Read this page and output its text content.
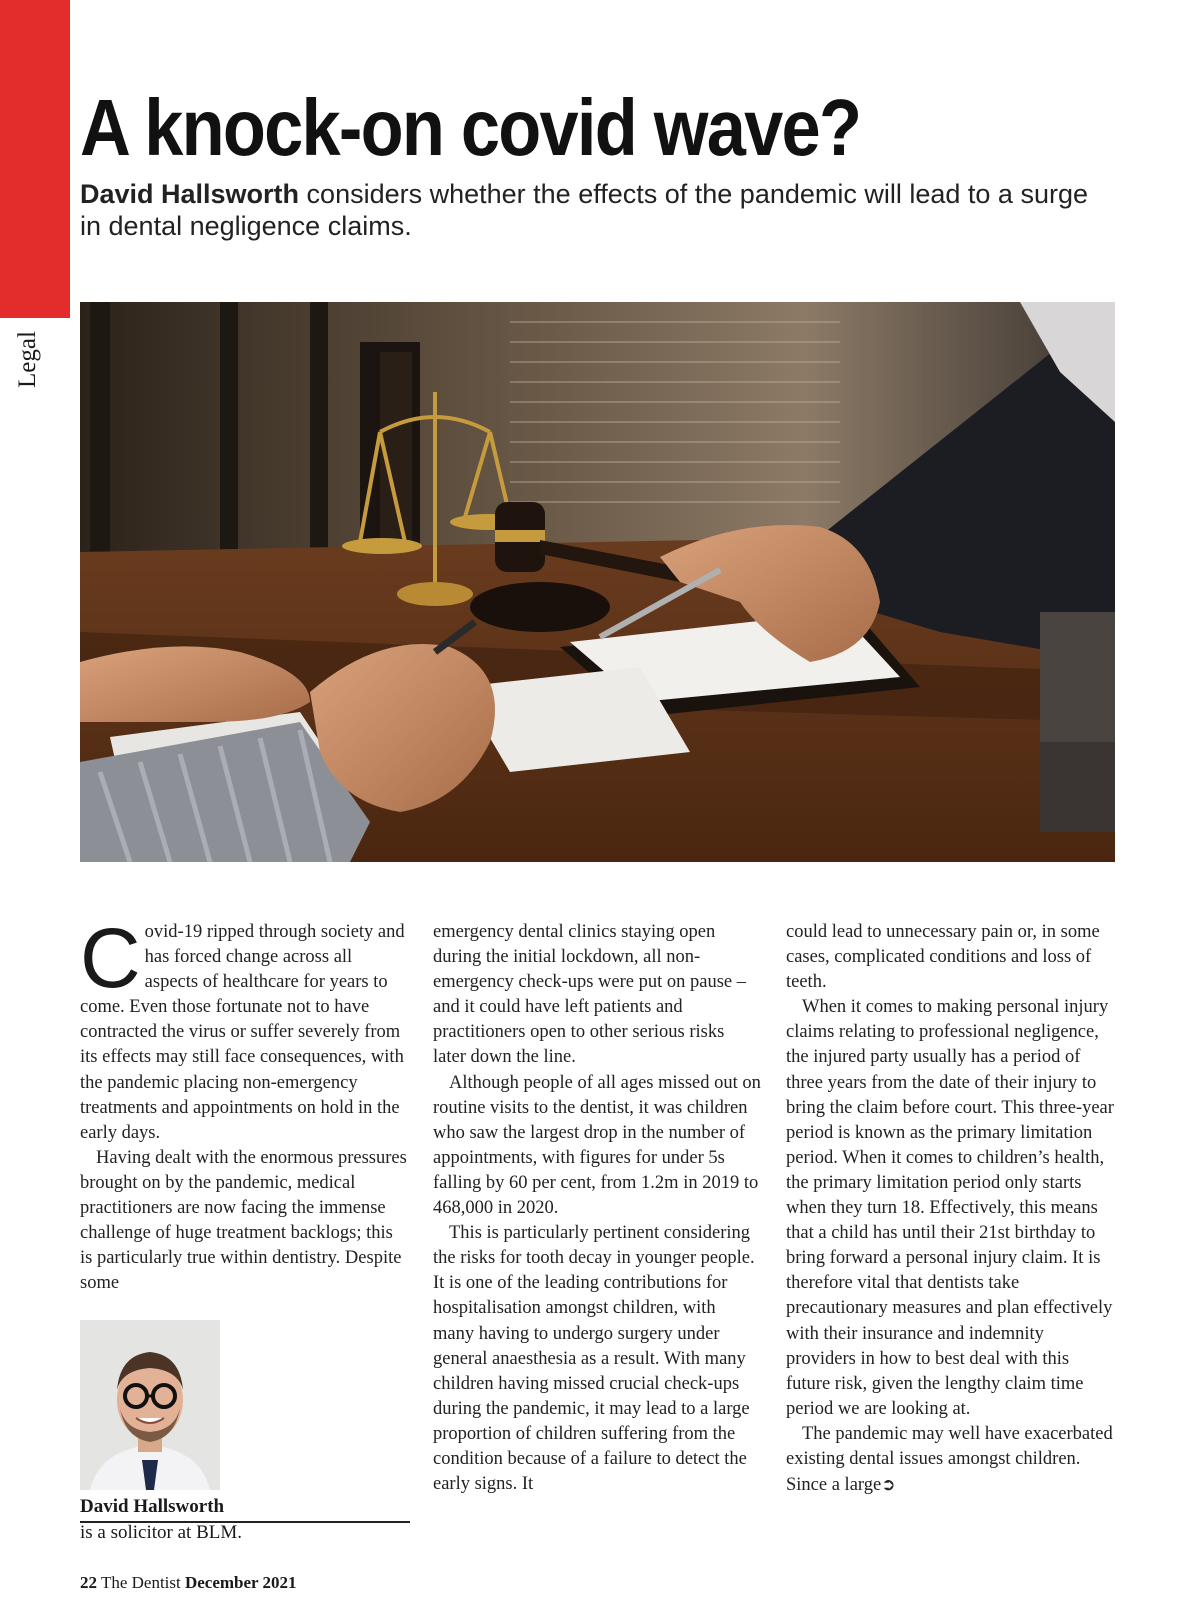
Legal
A knock-on covid wave?

David Hallsworth considers whether the effects of the pandemic will lead to a surge in dental negligence claims.

Covid-19 ripped through society and has forced change across all aspects of healthcare for years to come. Even those fortunate not to have contracted the virus or suffer severely from its effects may still face consequences, with the pandemic placing non-emergency treatments and appointments on hold in the early days.

Having dealt with the enormous pressures brought on by the pandemic, medical practitioners are now facing the immense challenge of huge treatment backlogs; this is particularly true within dentistry. Despite some

emergency dental clinics staying open during the initial lockdown, all non-emergency check-ups were put on pause – and it could have left patients and practitioners open to other serious risks later down the line.

Although people of all ages missed out on routine visits to the dentist, it was children who saw the largest drop in the number of appointments, with figures for under 5s falling by 60 per cent, from 1.2m in 2019 to 468,000 in 2020.

This is particularly pertinent considering the risks for tooth decay in younger people. It is one of the leading contributions for hospitalisation amongst children, with many having to undergo surgery under general anaesthesia as a result. With many children having missed crucial check-ups during the pandemic, it may lead to a large proportion of children suffering from the condition because of a failure to detect the early signs. It

could lead to unnecessary pain or, in some cases, complicated conditions and loss of teeth.

When it comes to making personal injury claims relating to professional negligence, the injured party usually has a period of three years from the date of their injury to bring the claim before court. This three-year period is known as the primary limitation period. When it comes to children’s health, the primary limitation period only starts when they turn 18. Effectively, this means that a child has until their 21st birthday to bring forward a personal injury claim. It is therefore vital that dentists take precautionary measures and plan effectively with their insurance and indemnity providers in how to best deal with this future risk, given the lengthy claim time period we are looking at.

The pandemic may well have exacerbated existing dental issues amongst children. Since a large➲

David Hallsworth
is a solicitor at BLM.
22 The Dentist December 2021
